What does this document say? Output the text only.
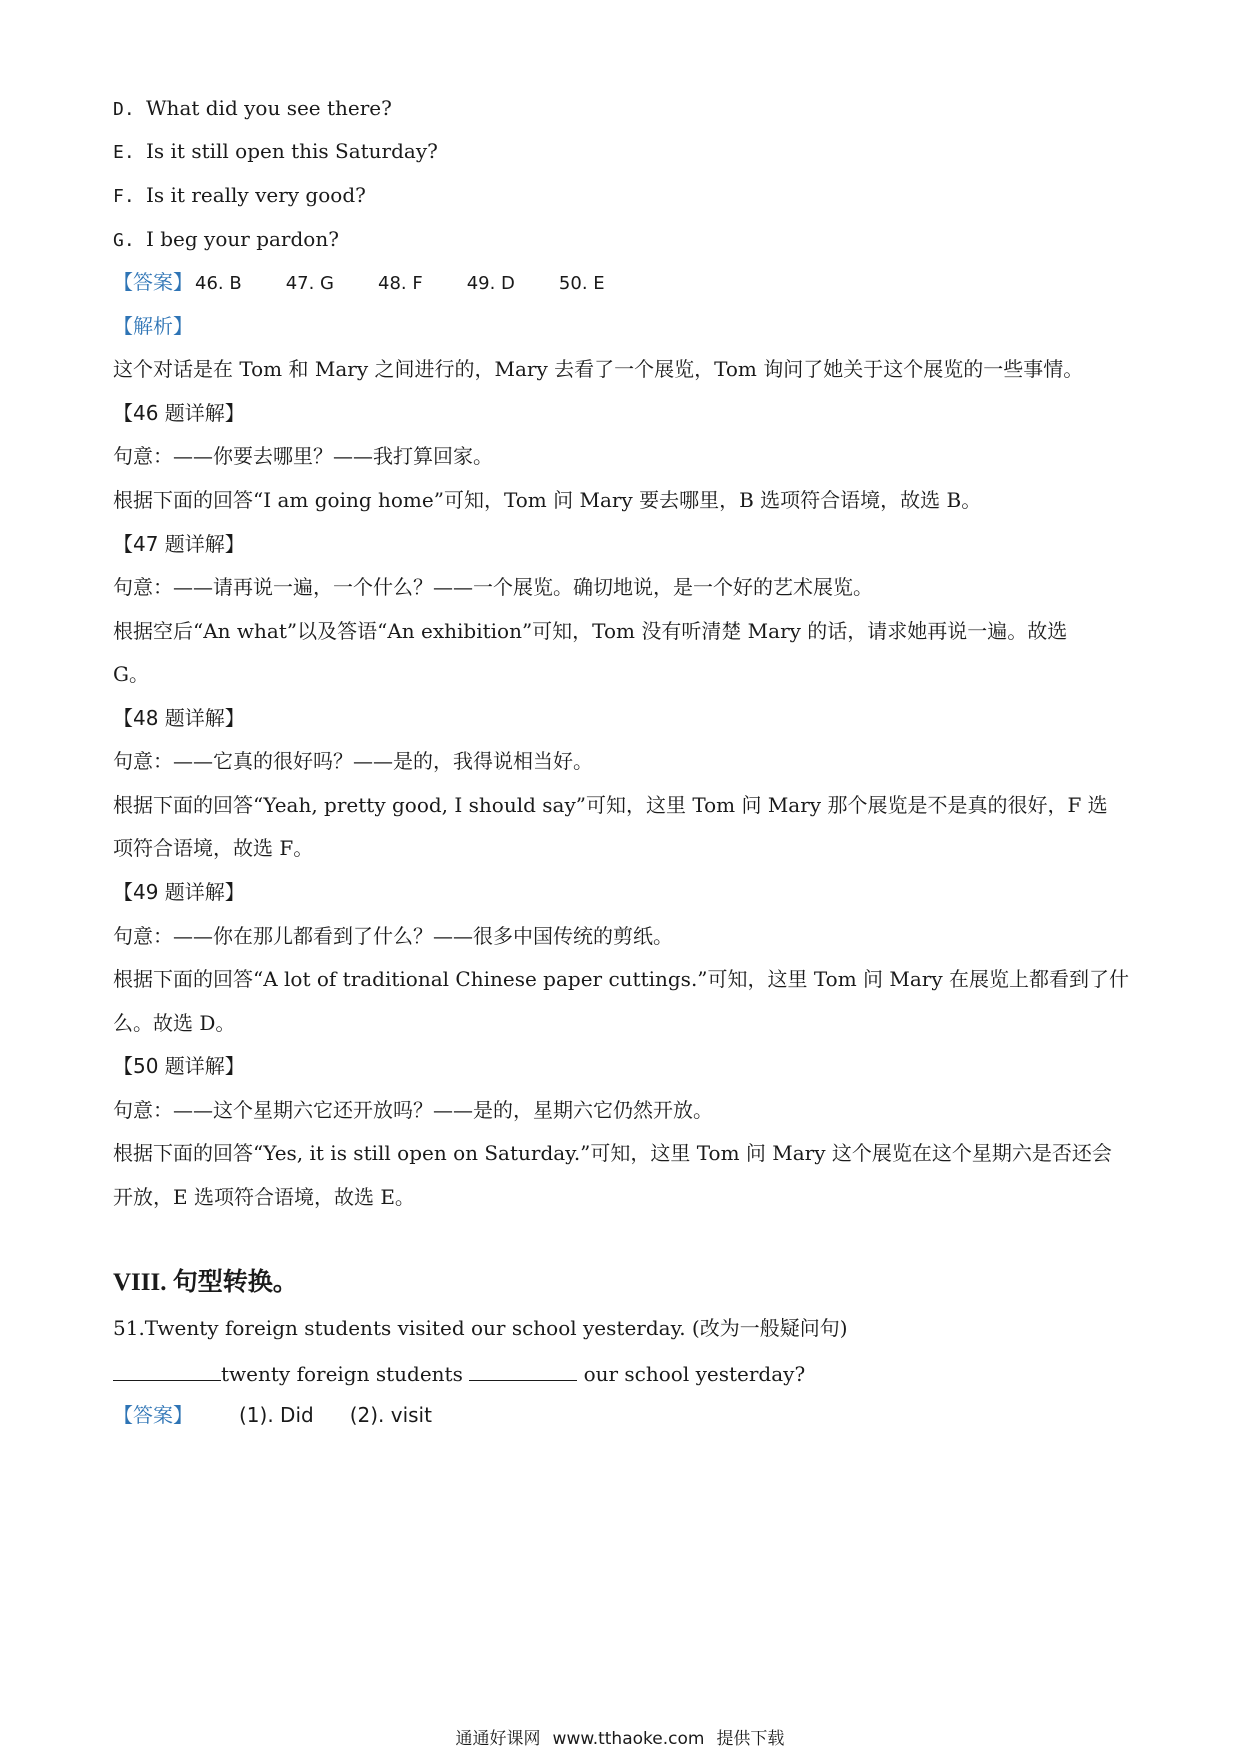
D. What did you see there?
E. Is it still open this Saturday?
F. Is it really very good?
G. I beg your pardon?
【答案】 46. B 47. G 48. F 49. D 50. E
【解析】
这个对话是在 Tom 和 Mary 之间进行的，Mary 去看了一个展览，Tom 询问了她关于这个展览的一些事情。
【46 题详解】
句意：——你要去哪里？——我打算回家。
根据下面的回答“I am going home”可知，Tom 问 Mary 要去哪里，B 选项符合语境，故选 B。
【47 题详解】
句意：——请再说一遍，一个什么？——一个展览。确切地说，是一个好的艺术展览。
根据空后“An what”以及答语“An exhibition”可知，Tom 没有听清楚 Mary 的话，请求她再说一遍。故选
G。
【48 题详解】
句意：——它真的很好吗？——是的，我得说相当好。
根据下面的回答“Yeah, pretty good, I should say”可知，这里 Tom 问 Mary 那个展览是不是真的很好，F 选
项符合语境，故选 F。
【49 题详解】
句意：——你在那儿都看到了什么？——很多中国传统的剪纸。
根据下面的回答“A lot of traditional Chinese paper cuttings.”可知，这里 Tom 问 Mary 在展览上都看到了什
么。故选 D。
【50 题详解】
句意：——这个星期六它还开放吗？——是的，星期六它仍然开放。
根据下面的回答“Yes, it is still open on Saturday.”可知，这里 Tom 问 Mary 这个展览在这个星期六是否还会
开放，E 选项符合语境，故选 E。
VIII. 句型转换。
51.Twenty foreign students visited our school yesterday. (改为一般疑问句)
twenty foreign students	our school yesterday?
【答案】 (1). Did (2). visit
通通好课网 www.tthaoke.com 提供下载
